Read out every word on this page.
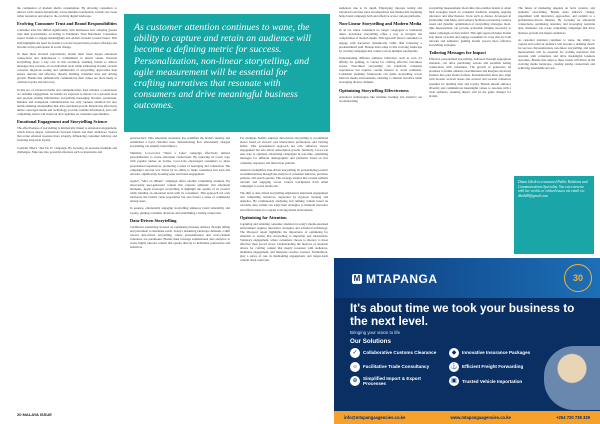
the completion of modern media consumption. By allowing consumers to interact with content dynamically across multiple touchpoints, brands can create richer narratives and adapt to the evolving digital landscape.

Evolving Consumer Trust and Brand Responsibilities

Consumer trust has shifted significantly, with businesses now adopting greater trust than governments, according to Edelman's Trust Barometer. Consumers expect brands to engage meaningfully and address broader societal issues. This shift highlights the need for brands to evolve beyond mere product offerings and become active participants in social change.

To meet these elevated expectations, brands must foster deeper emotional connections and demonstrate a commitment to shared values. Personal storytelling plays a key role in this evolution, enabling brands to deliver messages that resonate on an individual level while addressing broader societal concerns. Rigorous testing and optimisation of storytelling approaches help ensure relevant and effective, thereby building consumer trust and driving growth. Brands that authentically communicate their values are more likely to cultivate loyalty and advocacy.

In this era of advanced media and communication, trust remains a cornerstone of consumer engagement. As brands are expected to interact on a personal level and provide reliable information, storytelling messaging becomes paramount. Reliable and transparent communication not only captures attention but also builds enduring relationships that drive sustained growth. Brands that effectively utilise converged media and technology, provide credible information, and craft compelling stories will stand out and capitalise on consumer opportunities.

Emotional Engagement and Storytelling Science

The effectiveness of storytelling is intrinsically linked to emotional engagement, which fosters deeper connections between brands and their audiences. Stories that evoke emotion resonate more strongly, influencing consumer behavior and fostering long-term loyalty.

Consider Nike's "Just Do It" campaign. By focusing on personal triumphs and challenges, Nike taps into powerful emotions such as inspiration and

As customer attention continues to wane, the ability to capture and retain an audience will become a defining metric for success. Personalization, non-linear storytelling, and agile measurement will be essential for crafting narratives that resonate with consumers and drive meaningful business outcomes.

perseverance. This emotional resonance has solidified the brand's identity and established a loyal customer base, demonstrating how emotionally charged storytelling can amplify brand impact.

Similarly, Coca-Cola's "Share a Coke" campaign effectively utilised personalisation to create emotional connections. By replacing its iconic logo with popular names on bottles, Coca-Cola encouraged consumers to share personalised experiences, promoting a sense of belonging and connection. The campaign's success was driven by its ability to make consumers feel seen and relevant, significantly boosting sales and brand engagement.

Apple's "Shot on iPhone" campaign offers another compelling example. By showcasing user-generated content that captures authentic and emotional moments, Apple leverages storytelling to highlight the quality of its product while building an emotional bond with its consumers. This approach not only reinforces the brand's value proposition but also fosters a sense of community among users.

In essence, emotionally engaging storytelling enhances brand relatability and loyalty, guiding consumer decisions and establishing a lasting connection.

Data-Driven Storytelling

Traditional advertising focused on optimising message delivery through timing and placement to maximise reach. Today's marketing landscape demands a shift toward data-driven storytelling, where personalisation and cross-channel coherence are paramount. Brands must leverage sophisticated data analytics to create highly tailored content that speaks directly to individual preferences and behaviors.

For example, Netflix employs data-driven storytelling to recommend shows based on viewers' past interactions, preferences, and viewing habits. This personalized approach not only enhances viewer engagement but also drives subscription growth. Similarly, Coca-Cola uses data to optimize advertising campaigns in real-time, optimizing messages for different demographics and platforms based on live consumer responses and interaction patterns.

Amazon exemplifies data-driven storytelling by personalizing product recommendations through the analysis of consumer behavior, purchase patterns, and search queries. This strategy ensures that content remains relevant and engaging across various touchpoints from email campaigns to social media ads.

The shift to data-driven storytelling emphasizes emotional engagement and compelling narratives, supported by rigorous tracking and analytics. By continuously analyzing and refining content based on real-time data, brands can adapt their strategies to maintain relevance and effectiveness in a rapidly evolving media environment.

Optimizing for Attention

Capturing and retaining consumer attention in today's media-saturated environment requires innovative strategies and advanced technology. The iProspect report highlights the importance of optimizing for attention to ensure that storytelling is impactful and measurable. Voluntary engagement, where consumers choose to interact, is more effective than forced views. Understanding the nuances of attention allows for crafting content that deeply resonates with audiences, maintains engagement, and mitigates creative wearout. Furthermore, play a series of role in maintaining engagement, and longer-form content often captivates

audiences due to its depth. Employing rigorous testing and advanced tools like sales decomposition and market mix modeling helps brand campaign both and effective across various platforms.

Non-Linear Storytelling and Modern Media

In an era where consumers no longer congregate at traditional times, non-linear storytelling offers a way to navigate the complexities of modern media. This approach allows consumers to engage with narratives dynamically rather than following a predetermined path. Brands must adapt to this evolving landscape by creating campaigns that connect across multiple touchpoints.

Understanding different audience behaviors, such as Gen Z's affinity for gaming, is crucial for crafting effective non-linear stories. Non-linear storytelling can transform consumer experiences but requires careful balance to avoid confusion. Consistent planning frameworks can guide storytelling across intricate media environments, ensuring a coherent narrative while leveraging diverse channels.

Optimizing Storytelling Effectiveness

Advanced technologies like machine learning and analytics are revolutionizing

storytelling measurement. Real-time data enables brands to adapt their strategies based on consumer feedback, ensuring ongoing relevance and effectiveness. Tools such as Alessa, developed in partnership with Meta, and Cannes's facilitate previewing creative assets and dynamic optimization of storytelling strategies. Real-time measurement can provide actionable insights necessary to adjust campaigns as they unfold. This agile approach helps brands stay ahead of trends and engage consumers in ways that are both relevant and authentic, guiding brands toward more effective storytelling strategies.

Tailoring Messages for Impact

Effective personalized storytelling, delivered through appropriate channels, can drive purchasing actions and establish lasting connections with consumers. The growth of generative AI promises to further enhance customization and integrate advanced features into paid media formats. Personalization must also align with broader societal issues and societal and societal references essential for building trust and loyalty. Brands should embrace diversity and communicate meaningful values to resonate with a wide audience, ensuring impact will be the game changer for brands.

The future of marketing depends on bold, creative, and authentic storytelling. Brands must embrace change, experiment with innovative approaches, and commit to a performance-driven mindset. By focusing on emotional connections, optimising attention, and leveraging real-time data, marketers can create compelling campaigns that drive business growth and inspire audiences.

As customer attention continues to wane, the ability to capture and retain an audience will become a defining metric for success. Personalization, non-linear storytelling, and agile measurement will be essential for crafting narratives that resonate with consumers and drive meaningful business outcomes. Brands that adapt to these trends will thrive in the evolving media landscape, creating lasting connections and achieving sustainable success.

Diana Ghrib is a seasoned Public Relations and Communications Specialist. You can converse with her on this or related issues via email on: dhrib89@gmail.com
M MTAPANGA	30
It's about time we took your business to the next level.
Bringing your vision to life
Our Solutions
✓	Collaborative Customs Clearance	◆	Innovative Insurance Packages
☼	Facilitative Trade Consultancy	⚓ Efficient Freight Forwarding
⊕	Simplified Import & Export Processes	▣	Trusted Vehicle Importation
info@mtapangaagencies.co.ke	www.mtapangaagencies.co.ke	+254 720 738 329
20 MALAYA ISSUE
